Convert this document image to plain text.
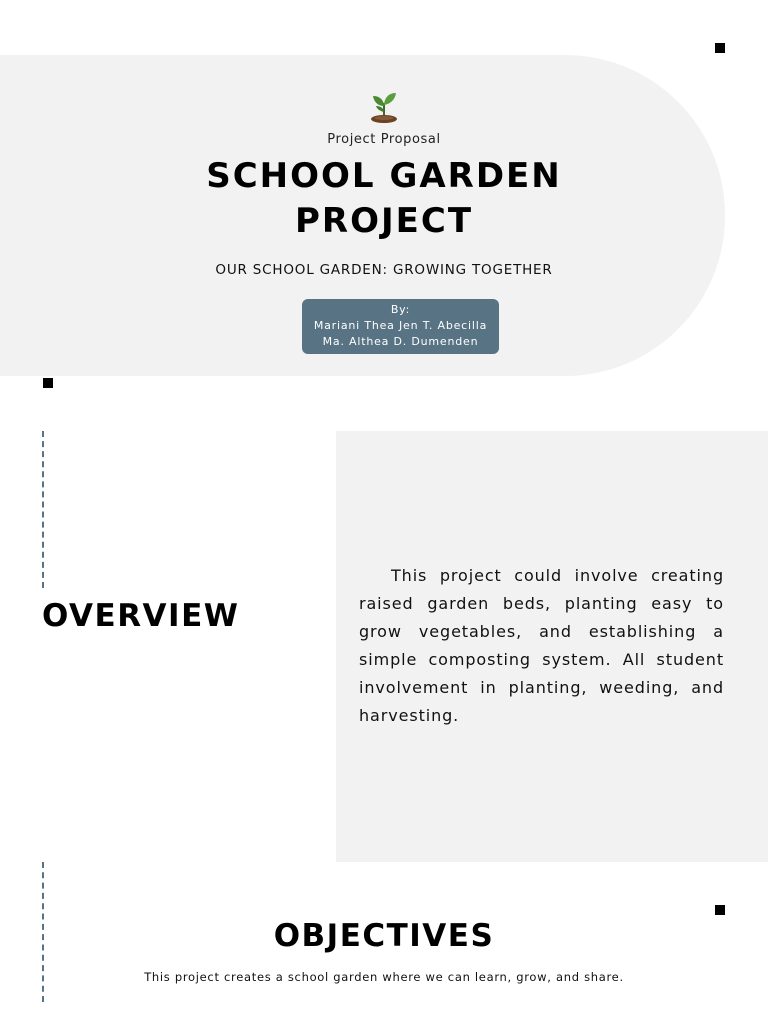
Project Proposal
SCHOOL GARDEN
PROJECT
OUR SCHOOL GARDEN: GROWING TOGETHER
By:
Mariani Thea Jen T. Abecilla
Ma. Althea D. Dumenden
OVERVIEW
This project could involve creating raised garden beds, planting easy to grow vegetables, and establishing a simple composting system. All student involvement in planting, weeding, and harvesting.
OBJECTIVES
This project creates a school garden where we can learn, grow, and share.
